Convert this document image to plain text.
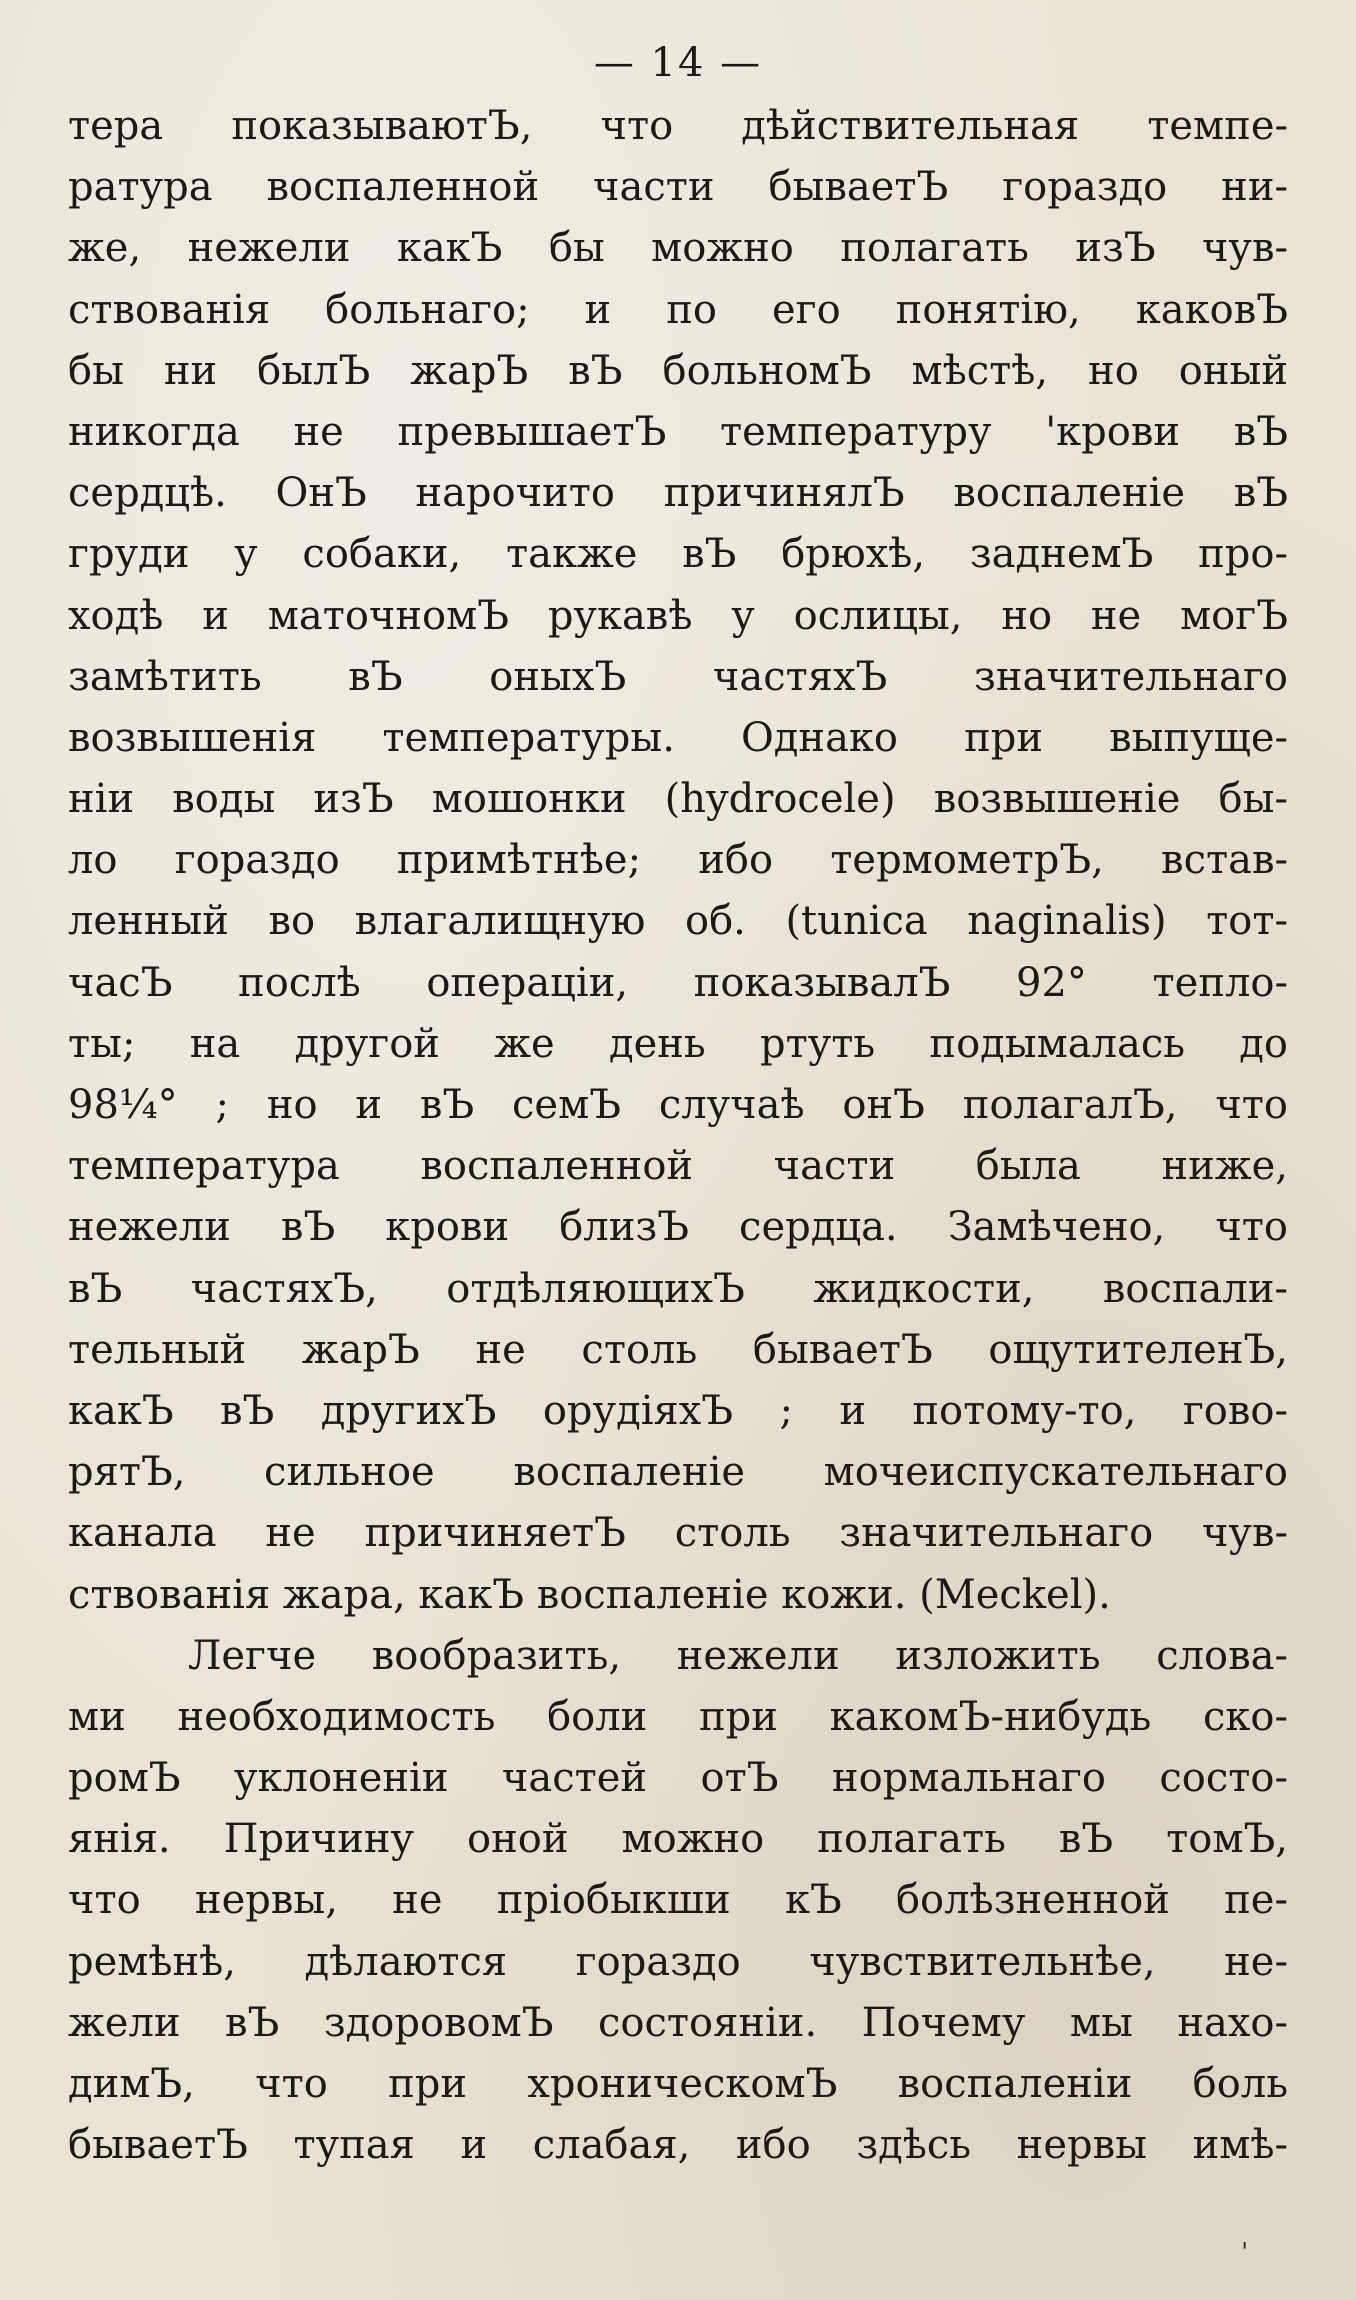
— 14 —
тера показываютЪ, что дѣйствительная темпе-
ратура воспаленной части бываетЪ гораздо ни-
же, нежели какЪ бы можно полагать изЪ чув-
ствованія больнаго; и по его понятію, каковЪ
бы ни былЪ жарЪ вЪ больномЪ мѣстѣ, но оный
никогда не превышаетЪ температуру 'крови вЪ
сердцѣ. ОнЪ нарочито причинялЪ воспаленіе вЪ
груди у собаки, также вЪ брюхѣ, заднемЪ про-
ходѣ и маточномЪ рукавѣ у ослицы, но не могЪ
замѣтить вЪ оныхЪ частяхЪ значительнаго
возвышенія температуры. Однако при выпуще-
ніи воды изЪ мошонки (hydrocele) возвышеніе бы-
ло гораздо примѣтнѣе; ибо термометрЪ, встав-
ленный во влагалищную об. (tunica naginalis) тот-
часЪ послѣ операціи, показывалЪ 92° тепло-
ты; на другой же день ртуть подымалась до
98¼° ; но и вЪ семЪ случаѣ онЪ полагалЪ, что
температура воспаленной части была ниже,
нежели вЪ крови близЪ сердца. Замѣчено, что
вЪ частяхЪ, отдѣляющихЪ жидкости, воспали-
тельный жарЪ не столь бываетЪ ощутителенЪ,
какЪ вЪ другихЪ орудіяхЪ ; и потому-то, гово-
рятЪ, сильное воспаленіе мочеиспускательнаго
канала не причиняетЪ столь значительнаго чув-
ствованія жара, какЪ воспаленіе кожи. (Meckel).
Легче вообразить, нежели изложить слова-
ми необходимость боли при какомЪ-нибудь ско-
ромЪ уклоненіи частей отЪ нормальнаго состо-
янія. Причину оной можно полагать вЪ томЪ,
что нервы, не пріобыкши кЪ болѣзненной пе-
ремѣнѣ, дѣлаются гораздо чувствительнѣе, не-
жели вЪ здоровомЪ состояніи. Почему мы нахо-
димЪ, что при хроническомЪ воспаленіи боль
бываетЪ тупая и слабая, ибо здѣсь нервы имѣ-
'
